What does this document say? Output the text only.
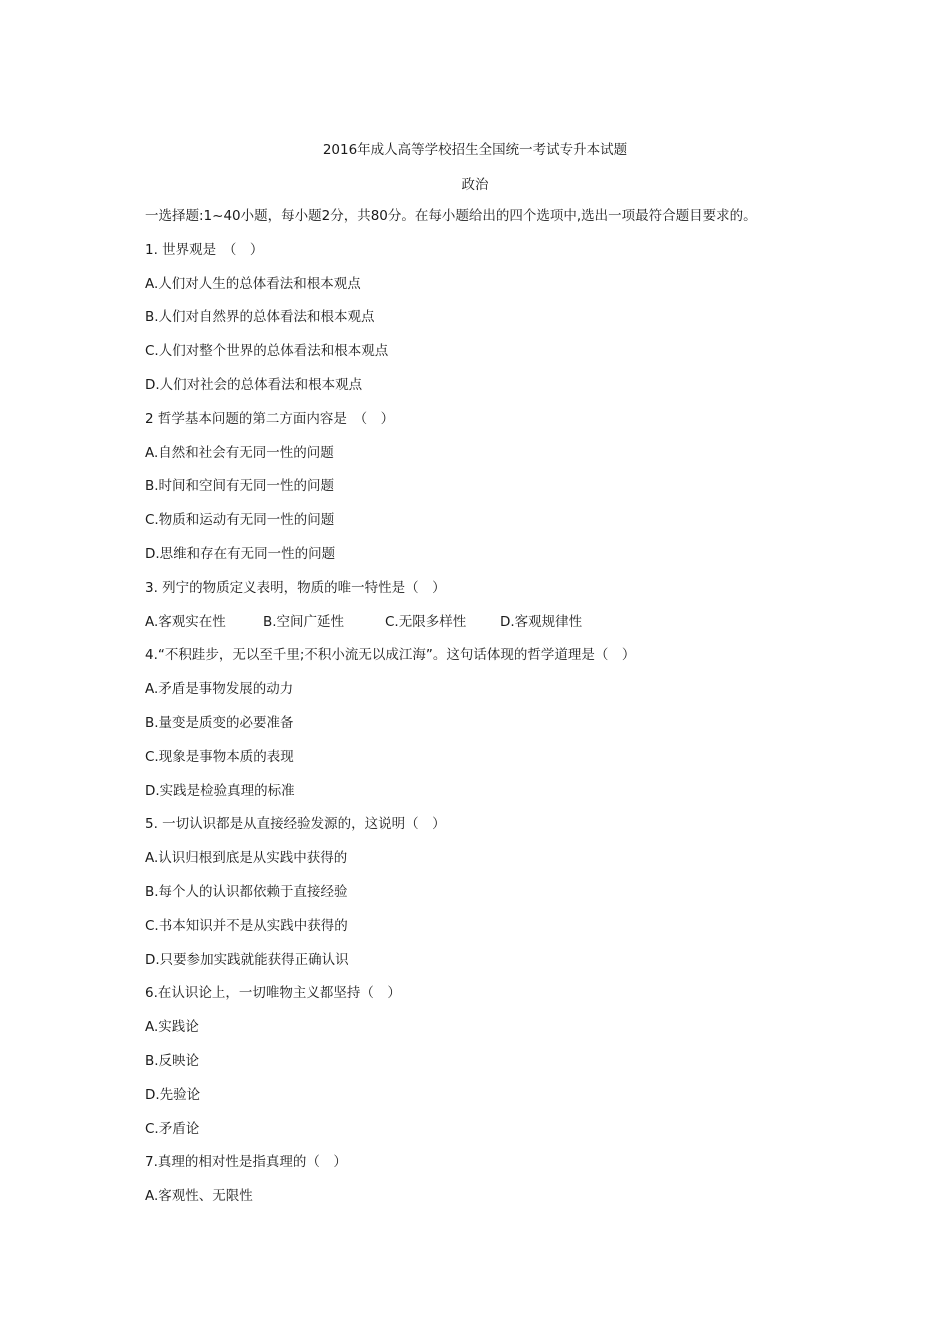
2016年成人高等学校招生全国统一考试专升本试题
政治
一选择题:1~40小题，每小题2分，共80分。在每小题给出的四个选项中,选出一项最符合题目要求的。
1. 世界观是　（　）
A.人们对人生的总体看法和根本观点
B.人们对自然界的总体看法和根本观点
C.人们对整个世界的总体看法和根本观点
D.人们对社会的总体看法和根本观点
2 哲学基本问题的第二方面内容是　（　）
A.自然和社会有无同一性的问题
B.时间和空间有无同一性的问题
C.物质和运动有无同一性的问题
D.思维和存在有无同一性的问题
3. 列宁的物质定义表明，物质的唯一特性是（　）
A.客观实在性	B.空间广延性	C.无限多样性	D.客观规律性
4.“不积跬步，无以至千里;不积小流无以成江海”。这句话体现的哲学道理是（　）
A.矛盾是事物发展的动力
B.量变是质变的必要准备
C.现象是事物本质的表现
D.实践是检验真理的标准
5. 一切认识都是从直接经验发源的，这说明（　）
A.认识归根到底是从实践中获得的
B.每个人的认识都依赖于直接经验
C.书本知识并不是从实践中获得的
D.只要参加实践就能获得正确认识
6.在认识论上，一切唯物主义都坚持（　）
A.实践论
B.反映论
D.先验论
C.矛盾论
7.真理的相对性是指真理的（　）
A.客观性、无限性
